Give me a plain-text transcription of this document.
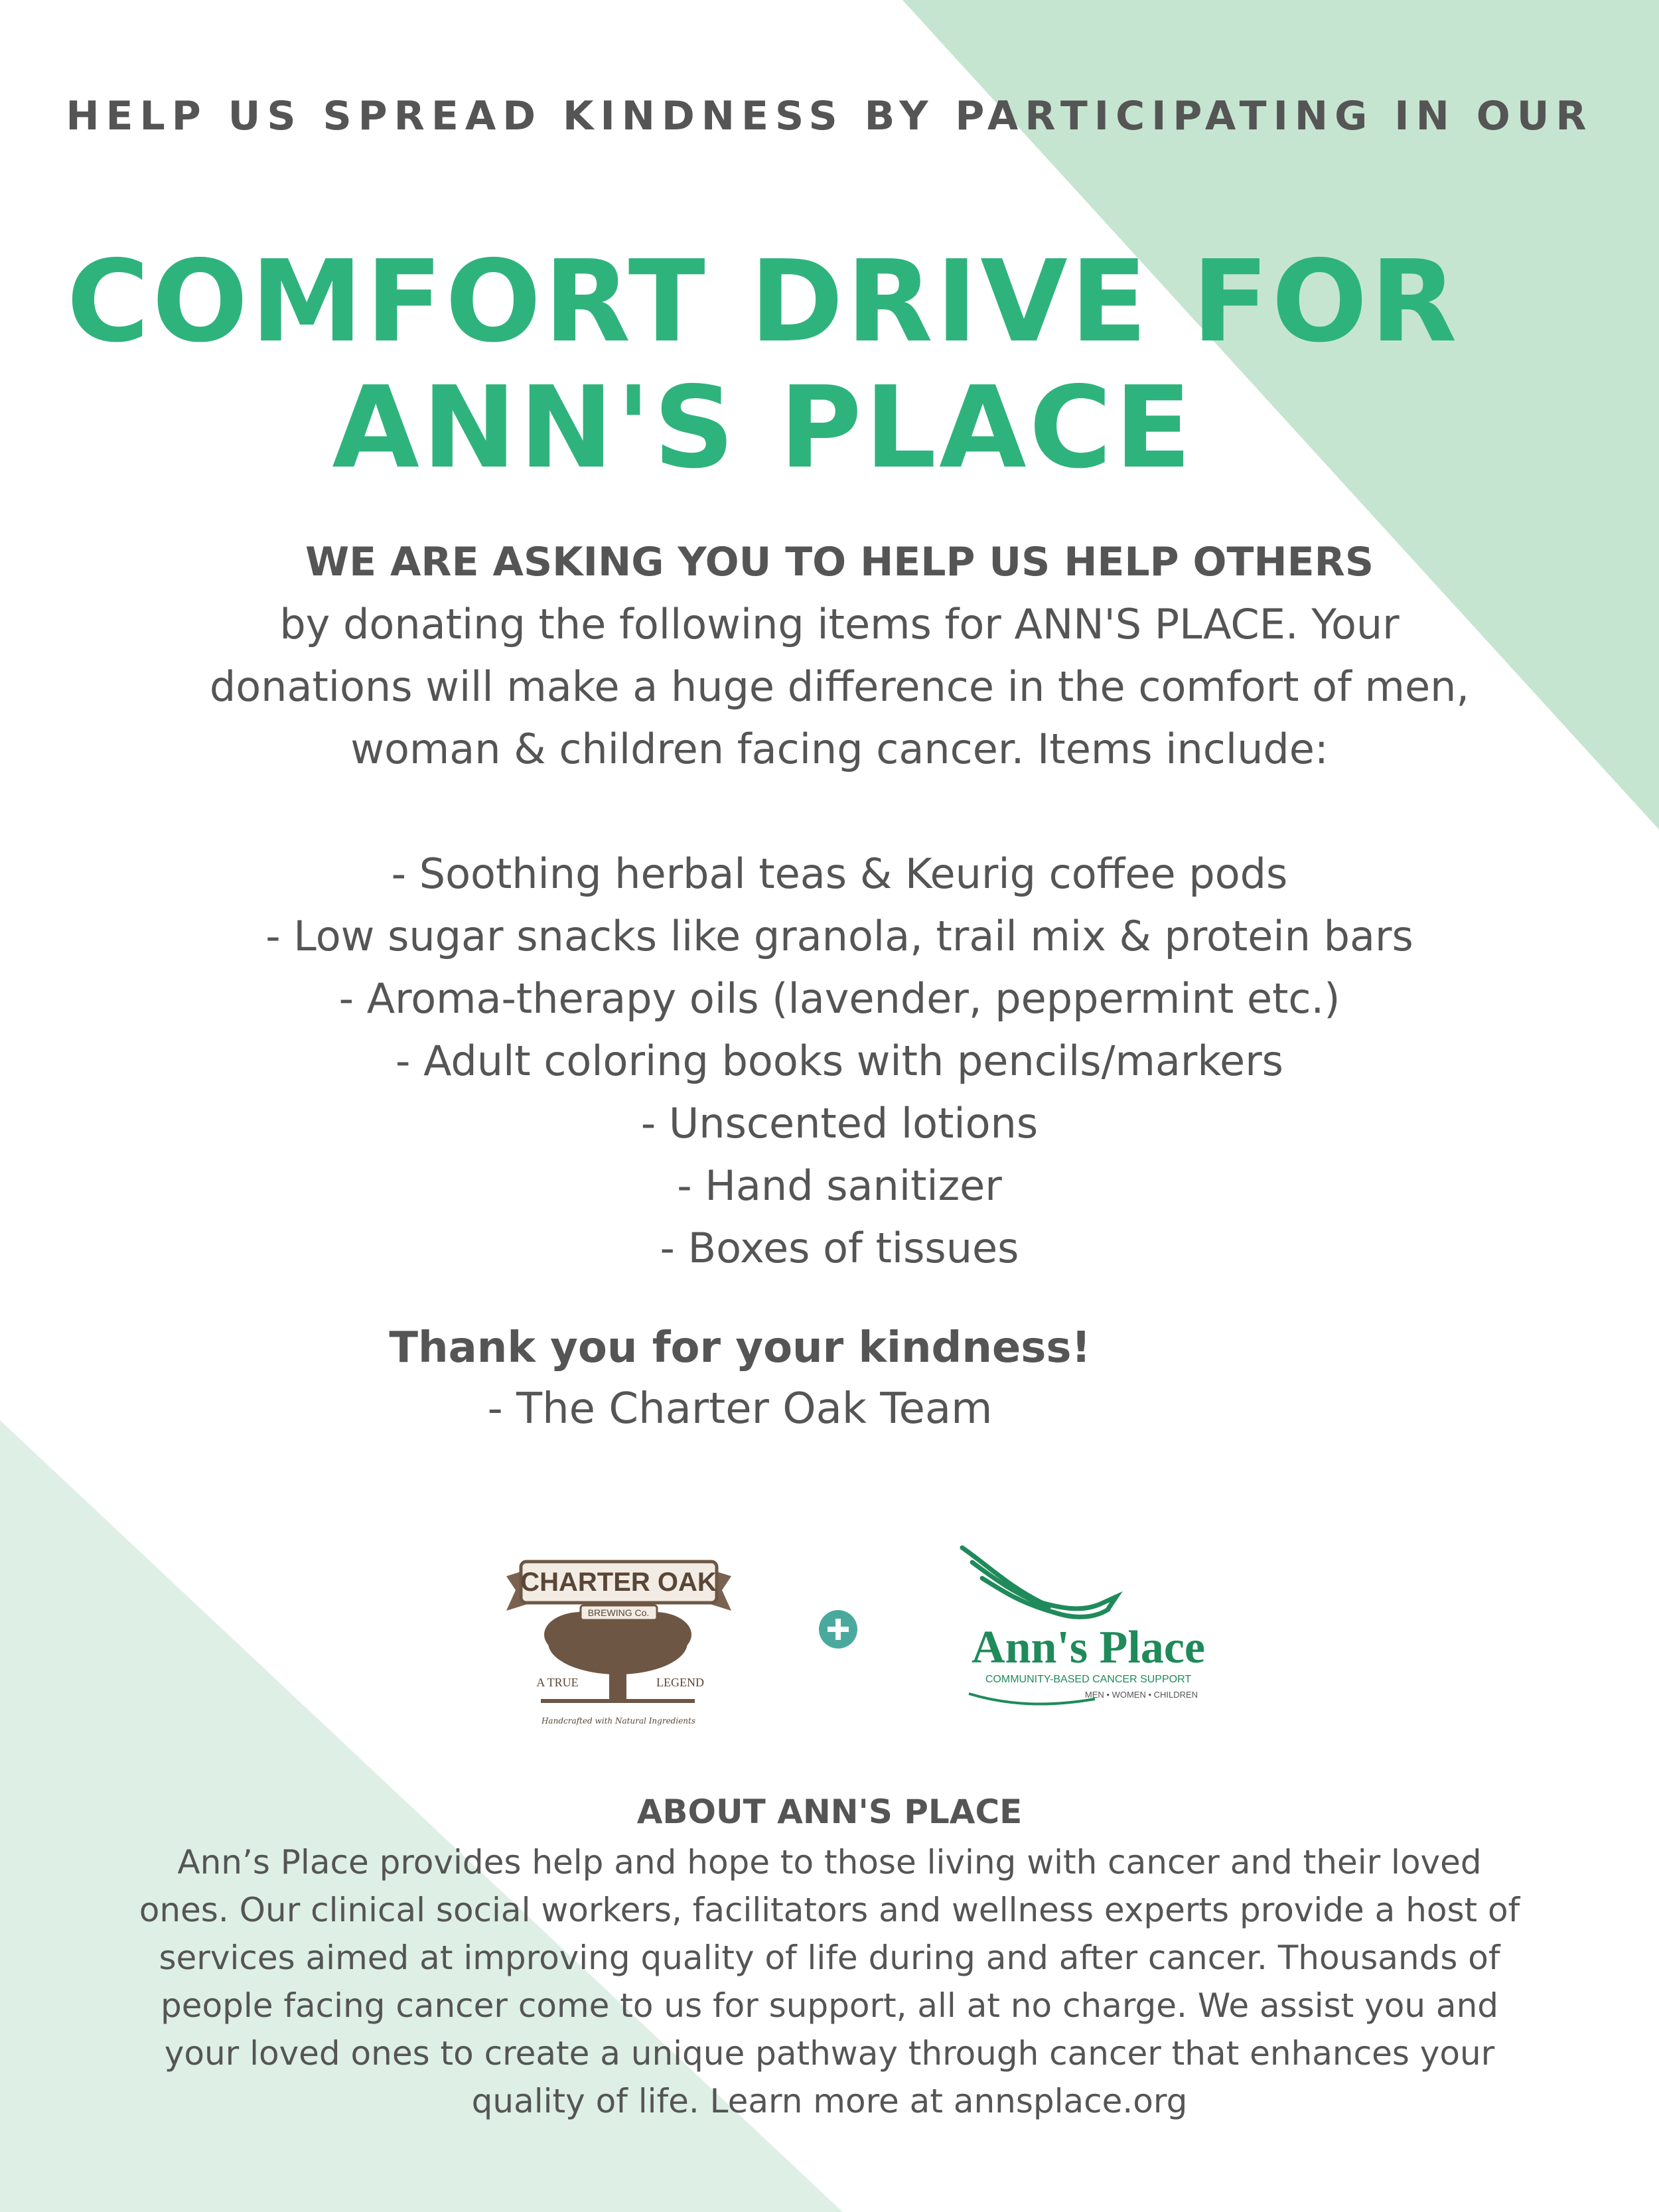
HELP US SPREAD KINDNESS BY PARTICIPATING IN OUR
COMFORT DRIVE FOR
ANN'S PLACE
WE ARE ASKING YOU TO HELP US HELP OTHERS
by donating the following items for ANN'S PLACE. Your
donations will make a huge difference in the comfort of men,
woman & children facing cancer. Items include:
- Soothing herbal teas & Keurig coffee pods
- Low sugar snacks like granola, trail mix & protein bars
- Aroma-therapy oils (lavender, peppermint etc.)
- Adult coloring books with pencils/markers
- Unscented lotions
- Hand sanitizer
- Boxes of tissues
Thank you for your kindness!
- The Charter Oak Team
CHARTER OAK
BREWING Co.
A TRUE	LEGEND
Handcrafted with Natural Ingredients
Ann's Place
COMMUNITY-BASED CANCER SUPPORT
MEN • WOMEN • CHILDREN
ABOUT ANN'S PLACE
Ann’s Place provides help and hope to those living with cancer and their loved
ones. Our clinical social workers, facilitators and wellness experts provide a host of
services aimed at improving quality of life during and after cancer. Thousands of
people facing cancer come to us for support, all at no charge. We assist you and
your loved ones to create a unique pathway through cancer that enhances your
quality of life. Learn more at annsplace.org
